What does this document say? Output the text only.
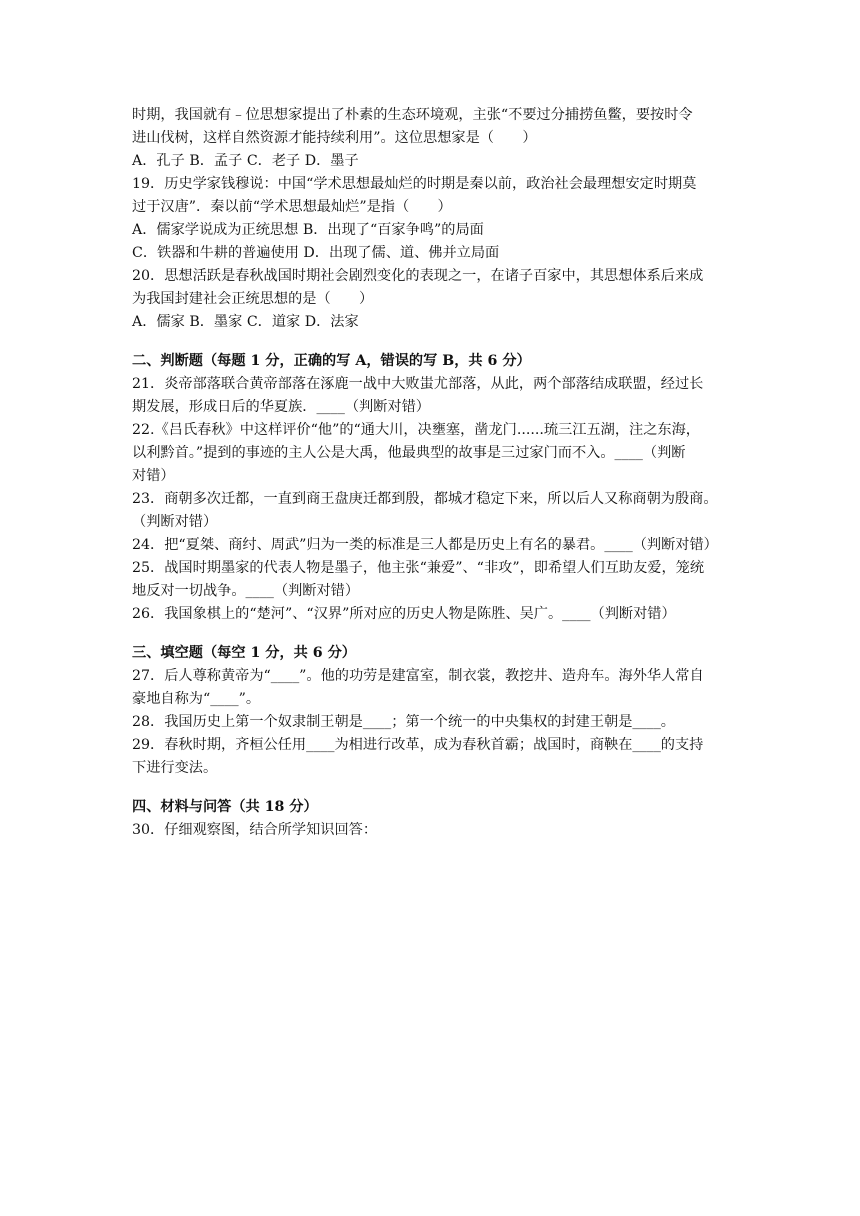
时期，我国就有﹣位思想家提出了朴素的生态环境观，主张“不要过分捕捞鱼鳖，要按时令
进山伐树，这样自然资源才能持续利用”。这位思想家是（　　）
A．孔子 B．孟子 C．老子 D．墨子
19．历史学家钱穆说：中国“学术思想最灿烂的时期是秦以前，政治社会最理想安定时期莫
过于汉唐”．秦以前“学术思想最灿烂”是指（　　）
A．儒家学说成为正统思想 B．出现了“百家争鸣”的局面
C．铁器和牛耕的普遍使用 D．出现了儒、道、佛并立局面
20．思想活跃是春秋战国时期社会剧烈变化的表现之一，在诸子百家中，其思想体系后来成
为我国封建社会正统思想的是（　　）
A．儒家 B．墨家 C．道家 D．法家
二、判断题（每题 1 分，正确的写 A，错误的写 B，共 6 分）
21．炎帝部落联合黄帝部落在涿鹿一战中大败蚩尤部落，从此，两个部落结成联盟，经过长
期发展，形成日后的华夏族．____（判断对错）
22.《吕氏春秋》中这样评价“他”的“通大川，决壅塞，凿龙门......琉三江五湖，注之东海，
以利黔首。”提到的事迹的主人公是大禹，他最典型的故事是三过家门而不入。____（判断
对错）
23．商朝多次迁都，一直到商王盘庚迁都到殷，都城才稳定下来，所以后人又称商朝为殷商。
（判断对错）
24．把“夏桀、商纣、周武”归为一类的标准是三人都是历史上有名的暴君。____（判断对错）
25．战国时期墨家的代表人物是墨子，他主张“兼爱”、“非攻”，即希望人们互助友爱，笼统
地反对一切战争。____（判断对错）
26．我国象棋上的“楚河”、“汉界”所对应的历史人物是陈胜、吴广。____（判断对错）
三、填空题（每空 1 分，共 6 分）
27．后人尊称黄帝为“____”。他的功劳是建富室，制衣裳，教挖井、造舟车。海外华人常自
豪地自称为“____”。
28．我国历史上第一个奴隶制王朝是____；第一个统一的中央集权的封建王朝是____。
29．春秋时期，齐桓公任用____为相进行改革，成为春秋首霸；战国时，商鞅在____的支持
下进行变法。
四、材料与问答（共 18 分）
30．仔细观察图，结合所学知识回答：
